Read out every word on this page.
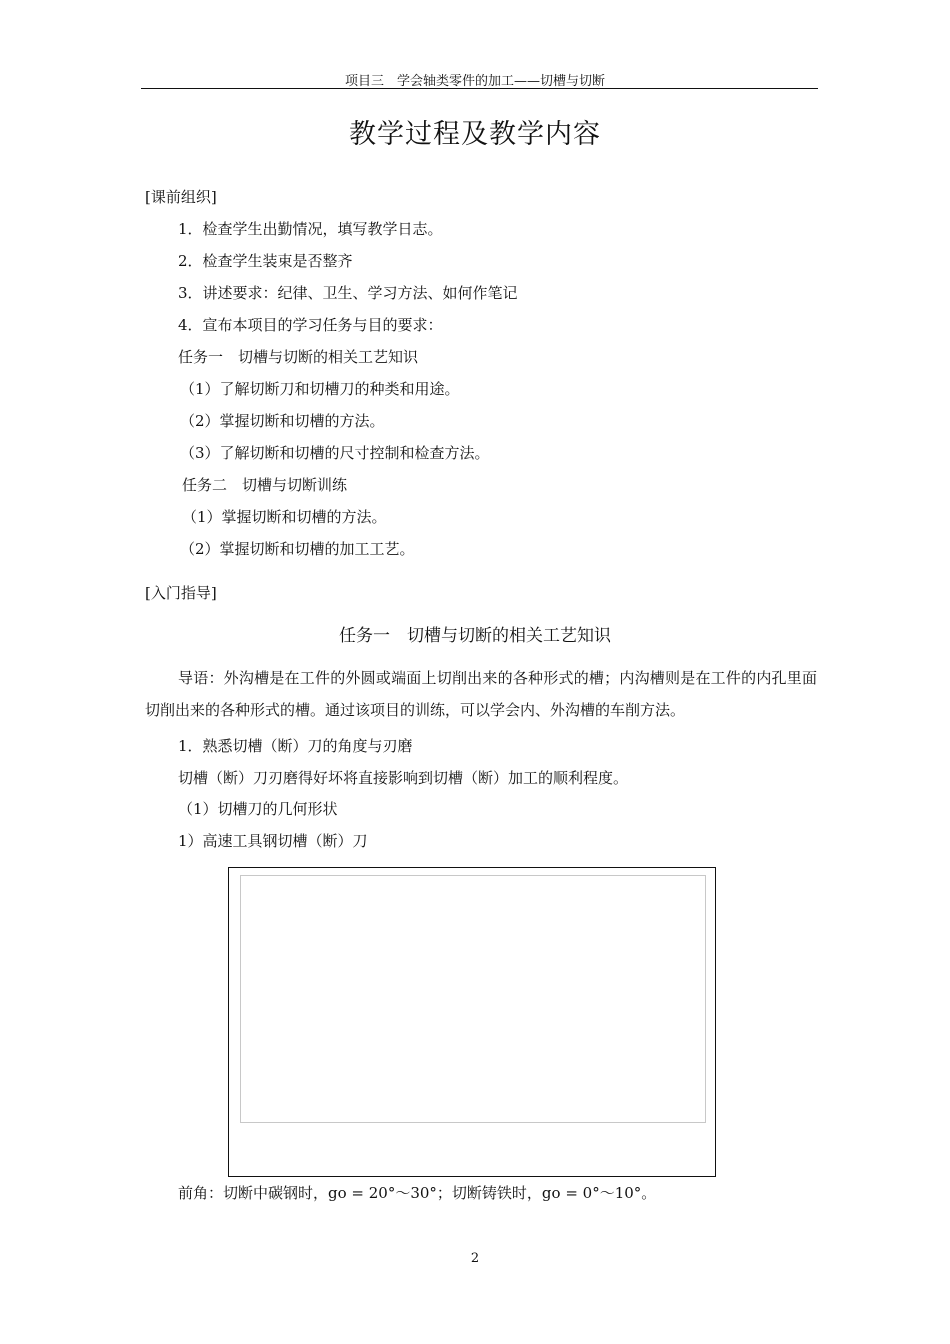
项目三　学会轴类零件的加工——切槽与切断
教学过程及教学内容
[课前组织]
1．检查学生出勤情况，填写教学日志。
2．检查学生装束是否整齐
3．讲述要求：纪律、卫生、学习方法、如何作笔记
4．宣布本项目的学习任务与目的要求：
任务一　切槽与切断的相关工艺知识
（1）了解切断刀和切槽刀的种类和用途。
（2）掌握切断和切槽的方法。
（3）了解切断和切槽的尺寸控制和检查方法。
任务二　切槽与切断训练
（1）掌握切断和切槽的方法。
（2）掌握切断和切槽的加工工艺。
[入门指导]
任务一　切槽与切断的相关工艺知识
导语：外沟槽是在工件的外圆或端面上切削出来的各种形式的槽；内沟槽则是在工件的内孔里面切削出来的各种形式的槽。通过该项目的训练，可以学会内、外沟槽的车削方法。
1．熟悉切槽（断）刀的角度与刃磨
切槽（断）刀刃磨得好坏将直接影响到切槽（断）加工的顺利程度。
（1）切槽刀的几何形状
1）高速工具钢切槽（断）刀
前角：切断中碳钢时，go = 20°～30°；切断铸铁时，go = 0°～10°。
2
